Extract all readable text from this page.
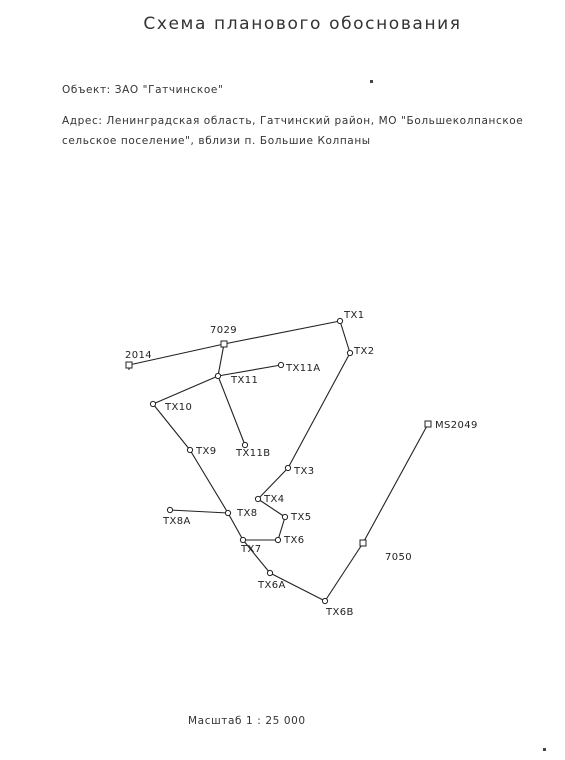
Схема планового обоснования
Объект: ЗАО "Гатчинское"
Адрес: Ленинградская область, Гатчинский район, МО "Большеколпанское сельское поселение", вблизи п. Большие Колпаны
TX1
TX2
TX3
TX4
TX5
TX6
TX6A
TX6B
TX7
TX8
TX8A
TX9
TX10
TX11
TX11A
TX11B
7029
2014
7050
MS2049
Масштаб 1 : 25 000
